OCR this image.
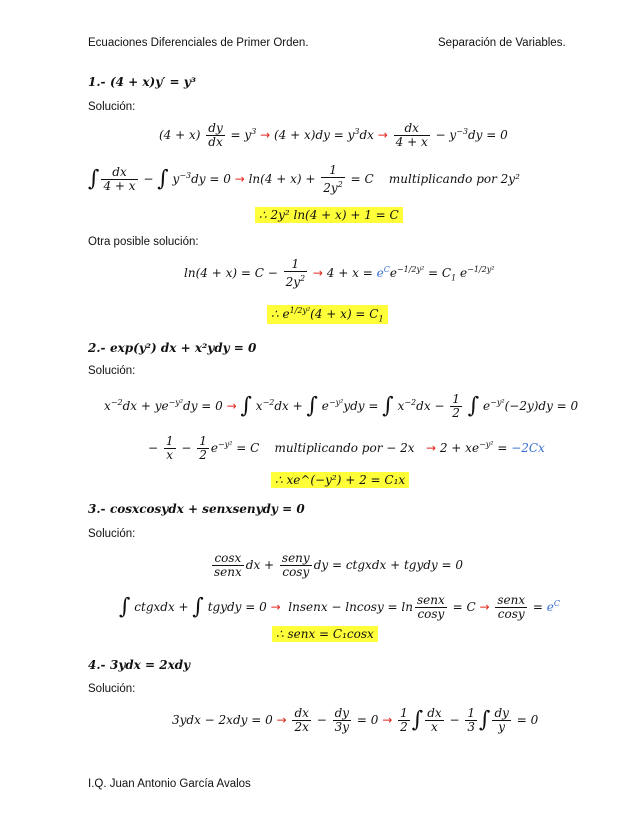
Ecuaciones Diferenciales de Primer Orden.	Separación de Variables.
1.- (4 + x)y′ = y³
Solución:
$(4 + x) \frac{dy}{dx} = y^3 \to (4 + x)dy = y^3dx \to \frac{dx}{4 + x} - y^{-3}dy = 0$
∫ $\frac{dx}{4 + x}$ − ∫ $y^{-3}dy = 0 \to \ln(4 + x) + \frac{1}{2y^2} = C$    multiplicando por 2y²
∴ 2y² ln(4 + x) + 1 = C
Otra posible solución:
$\ln(4 + x) = C - \frac{1}{2y^2} \to 4 + x = e^Ce^{-1/2y^2} = C_1$ $e^{-1/2y^2}$
∴ $e^{1/2y^2}(4 + x) = C_1$
2.- exp(y²) dx + x²ydy = 0
Solución:
$x^{-2}dx + ye^{-y^2}dy = 0$ → ∫ $x^{-2}dx$ + ∫ $e^{-y^2}ydy$ = ∫ $x^{-2}dx - \frac{1}{2}$ ∫ $e^{-y^2}(-2y)dy = 0$
− $\frac{1}{x} - \frac{1}{2} e^{-y^2} = C$    multiplicando por − $2x \to 2 + xe^{-y^2} = -2Cx$
∴ xe^(−y²) + 2 = C₁x
3.- cosxcosydx + senxsenydy = 0
Solución:
$\frac{\cos x}{\text{senx}}$ dx + $\frac{\text{seny}}{\cos y}$ dy = ctgxdx + tgydy = 0
∫ ctgxdx + ∫ tgydy = 0 →  lnsenx − $lncosy = \ln \frac{\text{senx}}{\cos y} = C \to \frac{\text{senx}}{\cos y} = e^C$
∴ senx = C₁cosx
4.- 3ydx = 2xdy
Solución:
$3ydx - 2xdy = 0 \to \frac{dx}{2x} - \frac{dy}{3y} = 0 \to \frac{1}{2}$ ∫ $\frac{dx}{x} - \frac{1}{3}$ ∫ $\frac{dy}{y} = 0$
I.Q. Juan Antonio García Avalos
